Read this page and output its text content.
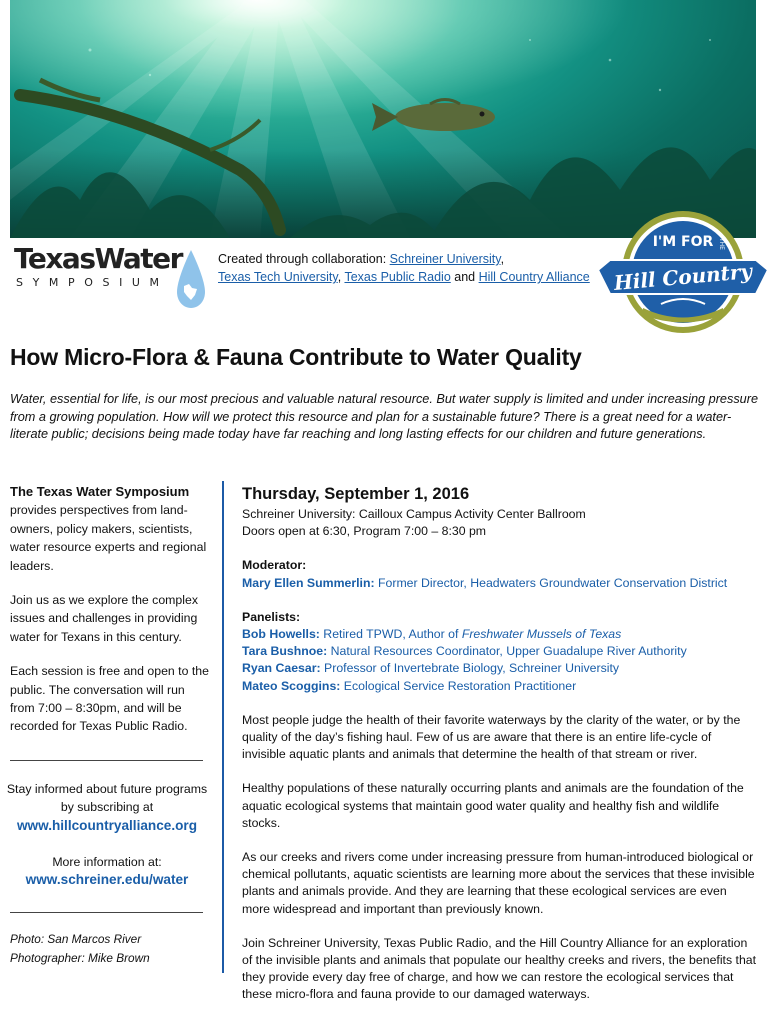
TexasWater
SYMPOSIUM
Created through collaboration: Schreiner University,
Texas Tech University, Texas Public Radio and Hill Country Alliance
I'M FOR THE
Hill Country
How Micro-Flora & Fauna Contribute to Water Quality

Water, essential for life, is our most precious and valuable natural resource. But water supply is limited and under increasing pressure from a growing population. How will we protect this resource and plan for a sustainable future? There is a great need for a water-literate public; decisions being made today have far reaching and long lasting effects for our children and future generations.

The Texas Water Symposium
provides perspectives from land-owners, policy makers, scientists, water resource experts and regional leaders.

Join us as we explore the complex issues and challenges in providing water for Texans in this century.

Each session is free and open to the public. The conversation will run from 7:00 – 8:30pm, and will be recorded for Texas Public Radio.

Stay informed about future programs by subscribing at
www.hillcountryalliance.org
More information at:
www.schreiner.edu/water
Photo: San Marcos River
Photographer: Mike Brown
Thursday, September 1, 2016
Schreiner University: Cailloux Campus Activity Center Ballroom
Doors open at 6:30, Program 7:00 – 8:30 pm
Moderator:
Mary Ellen Summerlin: Former Director, Headwaters Groundwater Conservation District
Panelists:
Bob Howells: Retired TPWD, Author of Freshwater Mussels of Texas
Tara Bushnoe: Natural Resources Coordinator, Upper Guadalupe River Authority
Ryan Caesar: Professor of Invertebrate Biology, Schreiner University
Mateo Scoggins: Ecological Service Restoration Practitioner

Most people judge the health of their favorite waterways by the clarity of the water, or by the quality of the day’s fishing haul. Few of us are aware that there is an entire life-cycle of invisible aquatic plants and animals that determine the health of that stream or river.

Healthy populations of these naturally occurring plants and animals are the foundation of the aquatic ecological systems that maintain good water quality and healthy fish and wildlife stocks.

As our creeks and rivers come under increasing pressure from human-introduced biological or chemical pollutants, aquatic scientists are learning more about the services that these invisible plants and animals provide. And they are learning that these ecological services are even more widespread and important than previously known.

Join Schreiner University, Texas Public Radio, and the Hill Country Alliance for an exploration of the invisible plants and animals that populate our healthy creeks and rivers, the benefits that they provide every day free of charge, and how we can restore the ecological services that these micro-flora and fauna provide to our damaged waterways.
